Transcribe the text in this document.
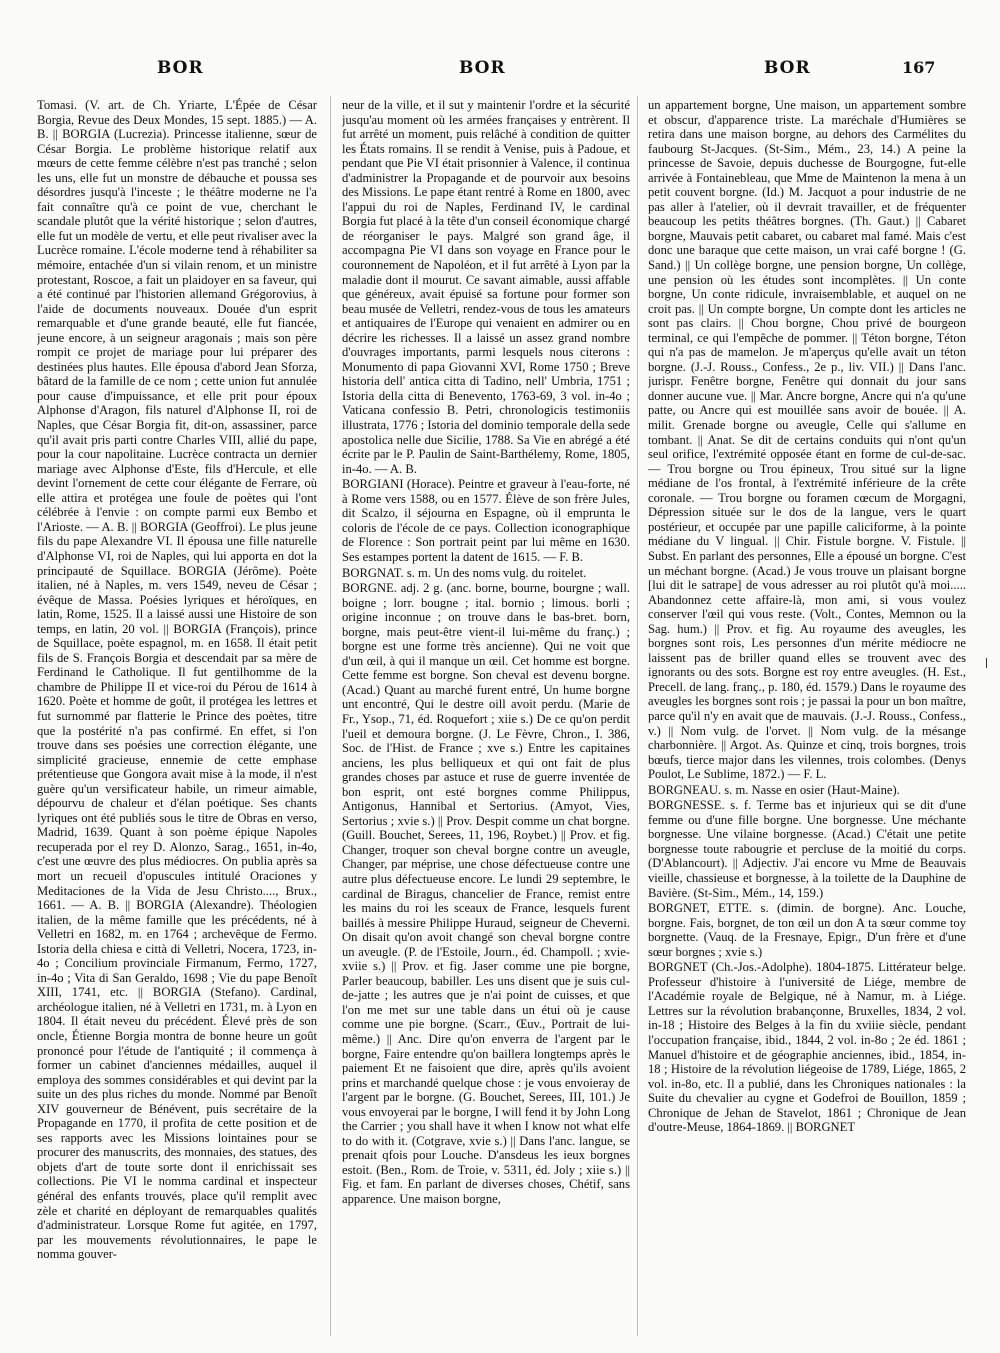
BOR	BOR	BOR	167

Tomasi. (V. art. de Ch. Yriarte, L'Épée de César Borgia, Revue des Deux Mondes, 15 sept. 1885.) — A. B. || BORGIA (Lucrezia). Princesse italienne, sœur de César Borgia. Le problème historique relatif aux mœurs de cette femme célèbre n'est pas tranché ; selon les uns, elle fut un monstre de débauche et poussa ses désordres jusqu'à l'inceste ; le théâtre moderne ne l'a fait connaître qu'à ce point de vue, cherchant le scandale plutôt que la vérité historique ; selon d'autres, elle fut un modèle de vertu, et elle peut rivaliser avec la Lucrèce romaine. L'école moderne tend à réhabiliter sa mémoire, entachée d'un si vilain renom, et un ministre protestant, Roscoe, a fait un plaidoyer en sa faveur, qui a été continué par l'historien allemand Grégorovius, à l'aide de documents nouveaux. Douée d'un esprit remarquable et d'une grande beauté, elle fut fiancée, jeune encore, à un seigneur aragonais ; mais son père rompit ce projet de mariage pour lui préparer des destinées plus hautes. Elle épousa d'abord Jean Sforza, bâtard de la famille de ce nom ; cette union fut annulée pour cause d'impuissance, et elle prit pour époux Alphonse d'Aragon, fils naturel d'Alphonse II, roi de Naples, que César Borgia fit, dit-on, assassiner, parce qu'il avait pris parti contre Charles VIII, allié du pape, pour la cour napolitaine. Lucrèce contracta un dernier mariage avec Alphonse d'Este, fils d'Hercule, et elle devint l'ornement de cette cour élégante de Ferrare, où elle attira et protégea une foule de poètes qui l'ont célébrée à l'envie : on compte parmi eux Bembo et l'Arioste. — A. B. || BORGIA (Geoffroi). Le plus jeune fils du pape Alexandre VI. Il épousa une fille naturelle d'Alphonse VI, roi de Naples, qui lui apporta en dot la principauté de Squillace. BORGIA (Jérôme). Poète italien, né à Naples, m. vers 1549, neveu de César ; évêque de Massa. Poésies lyriques et héroïques, en latin, Rome, 1525. Il a laissé aussi une Histoire de son temps, en latin, 20 vol. || BORGIA (François), prince de Squillace, poète espagnol, m. en 1658. Il était petit fils de S. François Borgia et descendait par sa mère de Ferdinand le Catholique. Il fut gentilhomme de la chambre de Philippe II et vice-roi du Pérou de 1614 à 1620. Poète et homme de goût, il protégea les lettres et fut surnommé par flatterie le Prince des poètes, titre que la postérité n'a pas confirmé. En effet, si l'on trouve dans ses poésies une correction élégante, une simplicité gracieuse, ennemie de cette emphase prétentieuse que Gongora avait mise à la mode, il n'est guère qu'un versificateur habile, un rimeur aimable, dépourvu de chaleur et d'élan poétique. Ses chants lyriques ont été publiés sous le titre de Obras en verso, Madrid, 1639. Quant à son poème épique Napoles recuperada por el rey D. Alonzo, Sarag., 1651, in-4o, c'est une œuvre des plus médiocres. On publia après sa mort un recueil d'opuscules intitulé Oraciones y Meditaciones de la Vida de Jesu Christo...., Brux., 1661. — A. B. || BORGIA (Alexandre). Théologien italien, de la même famille que les précédents, né à Velletri en 1682, m. en 1764 ; archevêque de Fermo. Istoria della chiesa e città di Velletri, Nocera, 1723, in-4o ; Concilium provinciale Firmanum, Fermo, 1727, in-4o ; Vita di San Geraldo, 1698 ; Vie du pape Benoît XIII, 1741, etc. || BORGIA (Stefano). Cardinal, archéologue italien, né à Velletri en 1731, m. à Lyon en 1804. Il était neveu du précédent. Élevé près de son oncle, Étienne Borgia montra de bonne heure un goût prononcé pour l'étude de l'antiquité ; il commença à former un cabinet d'anciennes médailles, auquel il employa des sommes considérables et qui devint par la suite un des plus riches du monde. Nommé par Benoît XIV gouverneur de Bénévent, puis secrétaire de la Propagande en 1770, il profita de cette position et de ses rapports avec les Missions lointaines pour se procurer des manuscrits, des monnaies, des statues, des objets d'art de toute sorte dont il enrichissait ses collections. Pie VI le nomma cardinal et inspecteur général des enfants trouvés, place qu'il remplit avec zèle et charité en déployant de remarquables qualités d'administrateur. Lorsque Rome fut agitée, en 1797, par les mouvements révolutionnaires, le pape le nomma gouver-

neur de la ville, et il sut y maintenir l'ordre et la sécurité jusqu'au moment où les armées françaises y entrèrent. Il fut arrêté un moment, puis relâché à condition de quitter les États romains. Il se rendit à Venise, puis à Padoue, et pendant que Pie VI était prisonnier à Valence, il continua d'administrer la Propagande et de pourvoir aux besoins des Missions. Le pape étant rentré à Rome en 1800, avec l'appui du roi de Naples, Ferdinand IV, le cardinal Borgia fut placé à la tête d'un conseil économique chargé de réorganiser le pays. Malgré son grand âge, il accompagna Pie VI dans son voyage en France pour le couronnement de Napoléon, et il fut arrêté à Lyon par la maladie dont il mourut. Ce savant aimable, aussi affable que généreux, avait épuisé sa fortune pour former son beau musée de Velletri, rendez-vous de tous les amateurs et antiquaires de l'Europe qui venaient en admirer ou en décrire les richesses. Il a laissé un assez grand nombre d'ouvrages importants, parmi lesquels nous citerons : Monumento di papa Giovanni XVI, Rome 1750 ; Breve historia dell' antica citta di Tadino, nell' Umbria, 1751 ; Istoria della citta di Benevento, 1763-69, 3 vol. in-4o ; Vaticana confessio B. Petri, chronologicis testimoniis illustrata, 1776 ; Istoria del dominio temporale della sede apostolica nelle due Sicilie, 1788. Sa Vie en abrégé a été écrite par le P. Paulin de Saint-Barthélemy, Rome, 1805, in-4o. — A. B.

BORGIANI (Horace). Peintre et graveur à l'eau-forte, né à Rome vers 1588, ou en 1577. Élève de son frère Jules, dit Scalzo, il séjourna en Espagne, où il emprunta le coloris de l'école de ce pays. Collection iconographique de Florence : Son portrait peint par lui même en 1630. Ses estampes portent la datent de 1615. — F. B.

BORGNAT. s. m. Un des noms vulg. du roitelet.

BORGNE. adj. 2 g. (anc. borne, bourne, bourgne ; wall. boigne ; lorr. bougne ; ital. bornio ; limous. borli ; origine inconnue ; on trouve dans le bas-bret. born, borgne, mais peut-être vient-il lui-même du franç.) ; borgne est une forme très ancienne). Qui ne voit que d'un œil, à qui il manque un œil. Cet homme est borgne. Cette femme est borgne. Son cheval est devenu borgne. (Acad.) Quant au marché furent entré, Un hume borgne unt encontré, Qui le destre oill avoit perdu. (Marie de Fr., Ysop., 71, éd. Roquefort ; xiie s.) De ce qu'on perdit l'ueil et demoura borgne. (J. Le Fèvre, Chron., I. 386, Soc. de l'Hist. de France ; xve s.) Entre les capitaines anciens, les plus belliqueux et qui ont fait de plus grandes choses par astuce et ruse de guerre inventée de bon esprit, ont esté borgnes comme Philippus, Antigonus, Hannibal et Sertorius. (Amyot, Vies, Sertorius ; xvie s.) || Prov. Despit comme un chat borgne. (Guill. Bouchet, Serees, 11, 196, Roybet.) || Prov. et fig. Changer, troquer son cheval borgne contre un aveugle, Changer, par méprise, une chose défectueuse contre une autre plus défectueuse encore. Le lundi 29 septembre, le cardinal de Biragus, chancelier de France, remist entre les mains du roi les sceaux de France, lesquels furent baillés à messire Philippe Huraud, seigneur de Cheverni. On disait qu'on avoit changé son cheval borgne contre un aveugle. (P. de l'Estoile, Journ., éd. Champoll. ; xvie-xviie s.) || Prov. et fig. Jaser comme une pie borgne, Parler beaucoup, babiller. Les uns disent que je suis cul-de-jatte ; les autres que je n'ai point de cuisses, et que l'on me met sur une table dans un étui où je cause comme une pie borgne. (Scarr., Œuv., Portrait de lui-même.) || Anc. Dire qu'on enverra de l'argent par le borgne, Faire entendre qu'on baillera longtemps après le paiement Et ne faisoient que dire, après qu'ils avoient prins et marchandé quelque chose : je vous envoieray de l'argent par le borgne. (G. Bouchet, Serees, III, 101.) Je vous envoyerai par le borgne, I will fend it by John Long the Carrier ; you shall have it when I know not what elfe to do with it. (Cotgrave, xvie s.) || Dans l'anc. langue, se prenait qfois pour Louche. D'ansdeus les ieux borgnes estoit. (Ben., Rom. de Troie, v. 5311, éd. Joly ; xiie s.) || Fig. et fam. En parlant de diverses choses, Chétif, sans apparence. Une maison borgne,

un appartement borgne, Une maison, un appartement sombre et obscur, d'apparence triste. La maréchale d'Humières se retira dans une maison borgne, au dehors des Carmélites du faubourg St-Jacques. (St-Sim., Mém., 23, 14.) A peine la princesse de Savoie, depuis duchesse de Bourgogne, fut-elle arrivée à Fontainebleau, que Mme de Maintenon la mena à un petit couvent borgne. (Id.) M. Jacquot a pour industrie de ne pas aller à l'atelier, où il devrait travailler, et de fréquenter beaucoup les petits théâtres borgnes. (Th. Gaut.) || Cabaret borgne, Mauvais petit cabaret, ou cabaret mal famé. Mais c'est donc une baraque que cette maison, un vrai café borgne ! (G. Sand.) || Un collège borgne, une pension borgne, Un collège, une pension où les études sont incomplètes. || Un conte borgne, Un conte ridicule, invraisemblable, et auquel on ne croit pas. || Un compte borgne, Un compte dont les articles ne sont pas clairs. || Chou borgne, Chou privé de bourgeon terminal, ce qui l'empêche de pommer. || Téton borgne, Téton qui n'a pas de mamelon. Je m'aperçus qu'elle avait un téton borgne. (J.-J. Rouss., Confess., 2e p., liv. VII.) || Dans l'anc. jurispr. Fenêtre borgne, Fenêtre qui donnait du jour sans donner aucune vue. || Mar. Ancre borgne, Ancre qui n'a qu'une patte, ou Ancre qui est mouillée sans avoir de bouée. || A. milit. Grenade borgne ou aveugle, Celle qui s'allume en tombant. || Anat. Se dit de certains conduits qui n'ont qu'un seul orifice, l'extrémité opposée étant en forme de cul-de-sac. — Trou borgne ou Trou épineux, Trou situé sur la ligne médiane de l'os frontal, à l'extrémité inférieure de la crête coronale. — Trou borgne ou foramen cœcum de Morgagni, Dépression située sur le dos de la langue, vers le quart postérieur, et occupée par une papille caliciforme, à la pointe médiane du V lingual. || Chir. Fistule borgne. V. Fistule. || Subst. En parlant des personnes, Elle a épousé un borgne. C'est un méchant borgne. (Acad.) Je vous trouve un plaisant borgne [lui dit le satrape] de vous adresser au roi plutôt qu'à moi..... Abandonnez cette affaire-là, mon ami, si vous voulez conserver l'œil qui vous reste. (Volt., Contes, Memnon ou la Sag. hum.) || Prov. et fig. Au royaume des aveugles, les borgnes sont rois, Les personnes d'un mérite médiocre ne laissent pas de briller quand elles se trouvent avec des ignorants ou des sots. Borgne est roy entre aveugles. (H. Est., Precell. de lang. franç., p. 180, éd. 1579.) Dans le royaume des aveugles les borgnes sont rois ; je passai la pour un bon maître, parce qu'il n'y en avait que de mauvais. (J.-J. Rouss., Confess., v.) || Nom vulg. de l'orvet. || Nom vulg. de la mésange charbonnière. || Argot. As. Quinze et cinq, trois borgnes, trois bœufs, tierce major dans les vilennes, trois colombes. (Denys Poulot, Le Sublime, 1872.) — F. L.

BORGNEAU. s. m. Nasse en osier (Haut-Maine).

BORGNESSE. s. f. Terme bas et injurieux qui se dit d'une femme ou d'une fille borgne. Une borgnesse. Une méchante borgnesse. Une vilaine borgnesse. (Acad.) C'était une petite borgnesse toute rabougrie et percluse de la moitié du corps. (D'Ablancourt). || Adjectiv. J'ai encore vu Mme de Beauvais vieille, chassieuse et borgnesse, à la toilette de la Dauphine de Bavière. (St-Sim., Mém., 14, 159.)

BORGNET, ETTE. s. (dimin. de borgne). Anc. Louche, borgne. Fais, borgnet, de ton œil un don A ta sœur comme toy borgnette. (Vauq. de la Fresnaye, Epigr., D'un frère et d'une sœur borgnes ; xvie s.)

BORGNET (Ch.-Jos.-Adolphe). 1804-1875. Littérateur belge. Professeur d'histoire à l'université de Liége, membre de l'Académie royale de Belgique, né à Namur, m. à Liége. Lettres sur la révolution brabançonne, Bruxelles, 1834, 2 vol. in-18 ; Histoire des Belges à la fin du xviiie siècle, pendant l'occupation française, ibid., 1844, 2 vol. in-8o ; 2e éd. 1861 ; Manuel d'histoire et de géographie anciennes, ibid., 1854, in-18 ; Histoire de la révolution liégeoise de 1789, Liége, 1865, 2 vol. in-8o, etc. Il a publié, dans les Chroniques nationales : la Suite du chevalier au cygne et Godefroi de Bouillon, 1859 ; Chronique de Jehan de Stavelot, 1861 ; Chronique de Jean d'outre-Meuse, 1864-1869. || BORGNET
